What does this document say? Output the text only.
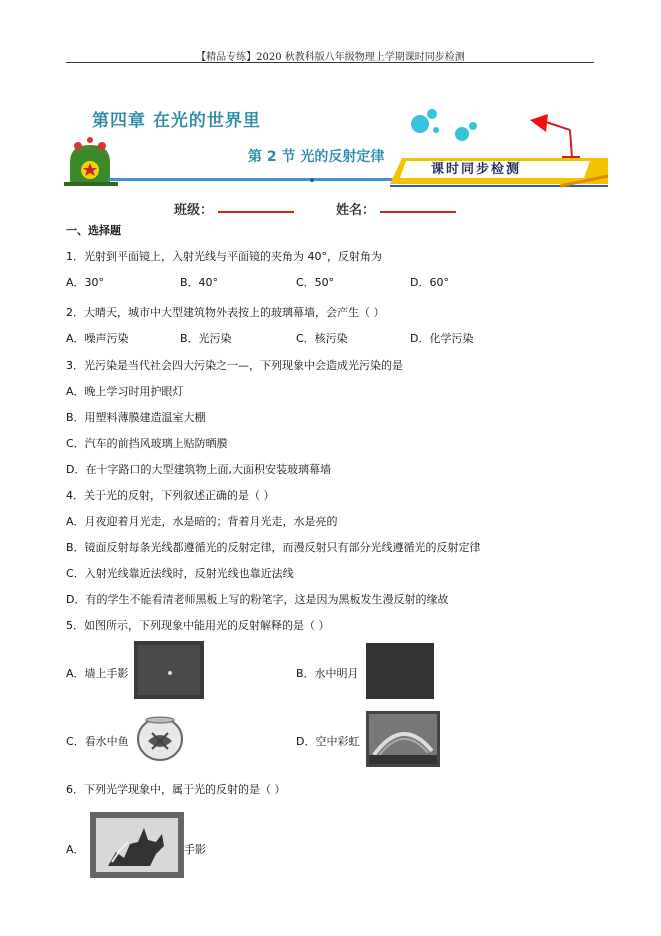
【精品专练】2020 秋教科版八年级物理上学期课时同步检测
第四章 在光的世界里
第 2 节 光的反射定律
课时同步检测
班级：	姓名：
一、选择题
1．光射到平面镜上，入射光线与平面镜的夹角为 40°，反射角为
A．30°	B．40°	C．50°	D．60°
2．大晴天，城市中大型建筑物外表按上的玻璃幕墙，会产生（ ）
A．噪声污染	B．光污染	C．核污染	D．化学污染
3．光污染是当代社会四大污染之一—，下列现象中会造成光污染的是
A．晚上学习时用护眼灯
B．用塑料薄膜建造温室大棚
C．汽车的前挡风玻璃上贴防晒膜
D．在十字路口的大型建筑物上面,大面积安装玻璃幕墙
4．关于光的反射，下列叙述正确的是（ ）
A．月夜迎着月光走，水是暗的；背着月光走，水是亮的
B．镜面反射每条光线都遵循光的反射定律，而漫反射只有部分光线遵循光的反射定律
C．入射光线靠近法线时，反射光线也靠近法线
D．有的学生不能看清老师黑板上写的粉笔字，这是因为黑板发生漫反射的缘故
5．如图所示，下列现象中能用光的反射解释的是（ ）
A．墙上手影	B．水中明月
C．看水中鱼	D．空中彩虹
6．下列光学现象中，属于光的反射的是（ ）
A．	手影
